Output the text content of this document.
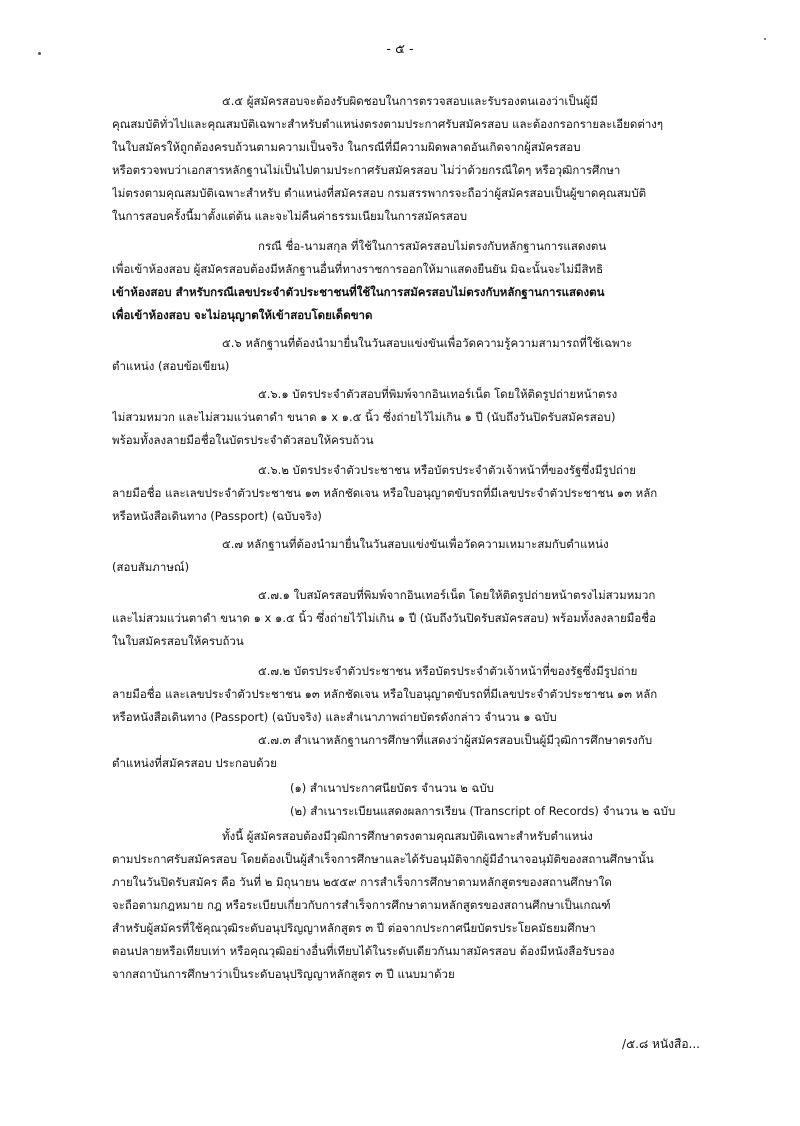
- ๕ -
๕.๕ ผู้สมัครสอบจะต้องรับผิดชอบในการตรวจสอบและรับรองตนเองว่าเป็นผู้มี
คุณสมบัติทั่วไปและคุณสมบัติเฉพาะสำหรับตำแหน่งตรงตามประกาศรับสมัครสอบ และต้องกรอกรายละเอียดต่างๆ
ในใบสมัครให้ถูกต้องครบถ้วนตามความเป็นจริง ในกรณีที่มีความผิดพลาดอันเกิดจากผู้สมัครสอบ
หรือตรวจพบว่าเอกสารหลักฐานไม่เป็นไปตามประกาศรับสมัครสอบ ไม่ว่าด้วยกรณีใดๆ หรือวุฒิการศึกษา
ไม่ตรงตามคุณสมบัติเฉพาะสำหรับ ตำแหน่งที่สมัครสอบ กรมสรรพากรจะถือว่าผู้สมัครสอบเป็นผู้ขาดคุณสมบัติ
ในการสอบครั้งนี้มาตั้งแต่ต้น และจะไม่คืนค่าธรรมเนียมในการสมัครสอบ
กรณี ชื่อ-นามสกุล ที่ใช้ในการสมัครสอบไม่ตรงกับหลักฐานการแสดงตน
เพื่อเข้าห้องสอบ ผู้สมัครสอบต้องมีหลักฐานอื่นที่ทางราชการออกให้มาแสดงยืนยัน มิฉะนั้นจะไม่มีสิทธิ
เข้าห้องสอบ สำหรับกรณีเลขประจำตัวประชาชนที่ใช้ในการสมัครสอบไม่ตรงกับหลักฐานการแสดงตน
เพื่อเข้าห้องสอบ จะไม่อนุญาตให้เข้าสอบโดยเด็ดขาด
๕.๖ หลักฐานที่ต้องนำมายื่นในวันสอบแข่งขันเพื่อวัดความรู้ความสามารถที่ใช้เฉพาะ
ตำแหน่ง (สอบข้อเขียน)
๕.๖.๑ บัตรประจำตัวสอบที่พิมพ์จากอินเทอร์เน็ต โดยให้ติดรูปถ่ายหน้าตรง
ไม่สวมหมวก และไม่สวมแว่นตาดำ ขนาด ๑ x ๑.๕ นิ้ว ซึ่งถ่ายไว้ไม่เกิน ๑ ปี (นับถึงวันปิดรับสมัครสอบ)
พร้อมทั้งลงลายมือชื่อในบัตรประจำตัวสอบให้ครบถ้วน
๕.๖.๒ บัตรประจำตัวประชาชน หรือบัตรประจำตัวเจ้าหน้าที่ของรัฐซึ่งมีรูปถ่าย
ลายมือชื่อ และเลขประจำตัวประชาชน ๑๓ หลักชัดเจน หรือใบอนุญาตขับรถที่มีเลขประจำตัวประชาชน ๑๓ หลัก
หรือหนังสือเดินทาง (Passport) (ฉบับจริง)
๕.๗ หลักฐานที่ต้องนำมายื่นในวันสอบแข่งขันเพื่อวัดความเหมาะสมกับตำแหน่ง
(สอบสัมภาษณ์)
๕.๗.๑ ใบสมัครสอบที่พิมพ์จากอินเทอร์เน็ต โดยให้ติดรูปถ่ายหน้าตรงไม่สวมหมวก
และไม่สวมแว่นตาดำ ขนาด ๑ x ๑.๕ นิ้ว ซึ่งถ่ายไว้ไม่เกิน ๑ ปี (นับถึงวันปิดรับสมัครสอบ) พร้อมทั้งลงลายมือชื่อ
ในใบสมัครสอบให้ครบถ้วน
๕.๗.๒ บัตรประจำตัวประชาชน หรือบัตรประจำตัวเจ้าหน้าที่ของรัฐซึ่งมีรูปถ่าย
ลายมือชื่อ และเลขประจำตัวประชาชน ๑๓ หลักชัดเจน หรือใบอนุญาตขับรถที่มีเลขประจำตัวประชาชน ๑๓ หลัก
หรือหนังสือเดินทาง (Passport) (ฉบับจริง) และสำเนาภาพถ่ายบัตรดังกล่าว จำนวน ๑ ฉบับ
๕.๗.๓ สำเนาหลักฐานการศึกษาที่แสดงว่าผู้สมัครสอบเป็นผู้มีวุฒิการศึกษาตรงกับ
ตำแหน่งที่สมัครสอบ ประกอบด้วย
(๑) สำเนาประกาศนียบัตร จำนวน ๒ ฉบับ
(๒) สำเนาระเบียนแสดงผลการเรียน (Transcript of Records) จำนวน ๒ ฉบับ
ทั้งนี้ ผู้สมัครสอบต้องมีวุฒิการศึกษาตรงตามคุณสมบัติเฉพาะสำหรับตำแหน่ง
ตามประกาศรับสมัครสอบ โดยต้องเป็นผู้สำเร็จการศึกษาและได้รับอนุมัติจากผู้มีอำนาจอนุมัติของสถานศึกษานั้น
ภายในวันปิดรับสมัคร คือ วันที่ ๒ มิถุนายน ๒๕๕๙ การสำเร็จการศึกษาตามหลักสูตรของสถานศึกษาใด
จะถือตามกฎหมาย กฎ หรือระเบียบเกี่ยวกับการสำเร็จการศึกษาตามหลักสูตรของสถานศึกษาเป็นเกณฑ์
สำหรับผู้สมัครที่ใช้คุณวุฒิระดับอนุปริญญาหลักสูตร ๓ ปี ต่อจากประกาศนียบัตรประโยคมัธยมศึกษา
ตอนปลายหรือเทียบเท่า หรือคุณวุฒิอย่างอื่นที่เทียบได้ในระดับเดียวกันมาสมัครสอบ ต้องมีหนังสือรับรอง
จากสถาบันการศึกษาว่าเป็นระดับอนุปริญญาหลักสูตร ๓ ปี แนบมาด้วย
/๕.๘ หนังสือ...
